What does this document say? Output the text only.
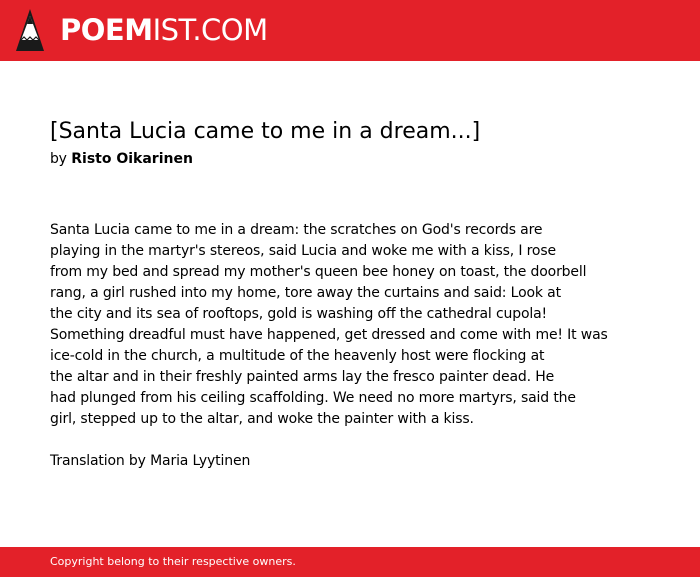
POEMIST.COM
[Santa Lucia came to me in a dream...]
by Risto Oikarinen
Santa Lucia came to me in a dream: the scratches on God's records are
playing in the martyr's stereos, said Lucia and woke me with a kiss, I rose
from my bed and spread my mother's queen bee honey on toast, the doorbell
rang, a girl rushed into my home, tore away the curtains and said: Look at
the city and its sea of rooftops, gold is washing off the cathedral cupola!
Something dreadful must have happened, get dressed and come with me! It was
ice-cold in the church, a multitude of the heavenly host were flocking at
the altar and in their freshly painted arms lay the fresco painter dead. He
had plunged from his ceiling scaffolding. We need no more martyrs, said the
girl, stepped up to the altar, and woke the painter with a kiss.
Translation by Maria Lyytinen
Copyright belong to their respective owners.
